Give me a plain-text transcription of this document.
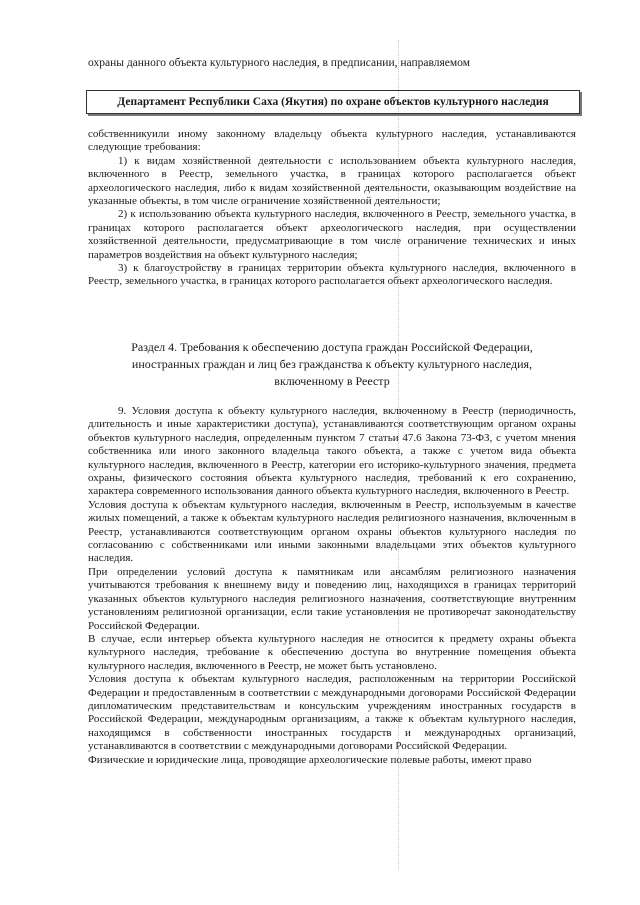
охраны данного объекта культурного наследия, в предписании, направляемом
Департамент Республики Саха (Якутия) по охране объектов культурного наследия

собственникуили иному законному владельцу объекта культурного наследия, устанавливаются следующие требования:

1) к видам хозяйственной деятельности с использованием объекта культурного наследия, включенного в Реестр, земельного участка, в границах которого располагается объект археологического наследия, либо к видам хозяйственной деятельности, оказывающим воздействие на указанные объекты, в том числе ограничение хозяйственной деятельности;

2) к использованию объекта культурного наследия, включенного в Реестр, земельного участка, в границах которого располагается объект археологического наследия, при осуществлении хозяйственной деятельности, предусматривающие в том числе ограничение технических и иных параметров воздействия на объект культурного наследия;

3) к благоустройству в границах территории объекта культурного наследия, включенного в Реестр, земельного участка, в границах которого располагается объект археологического наследия.

Раздел 4. Требования к обеспечению доступа граждан Российской Федерации,
иностранных граждан и лиц без гражданства к объекту культурного наследия,
включенному в Реестр

9. Условия доступа к объекту культурного наследия, включенному в Реестр (периодичность, длительность и иные характеристики доступа), устанавливаются соответствующим органом охраны объектов культурного наследия, определенным пунктом 7 статьи 47.6 Закона 73-ФЗ, с учетом мнения собственника или иного законного владельца такого объекта, а также с учетом вида объекта культурного наследия, включенного в Реестр, категории его историко-культурного значения, предмета охраны, физического состояния объекта культурного наследия, требований к его сохранению, характера современного использования данного объекта культурного наследия, включенного в Реестр.

Условия доступа к объектам культурного наследия, включенным в Реестр, используемым в качестве жилых помещений, а также к объектам культурного наследия религиозного назначения, включенным в Реестр, устанавливаются соответствующим органом охраны объектов культурного наследия по согласованию с собственниками или иными законными владельцами этих объектов культурного наследия.

При определении условий доступа к памятникам или ансамблям религиозного назначения учитываются требования к внешнему виду и поведению лиц, находящихся в границах территорий указанных объектов культурного наследия религиозного назначения, соответствующие внутренним установлениям религиозной организации, если такие установления не противоречат законодательству Российской Федерации.

В случае, если интерьер объекта культурного наследия не относится к предмету охраны объекта культурного наследия, требование к обеспечению доступа во внутренние помещения объекта культурного наследия, включенного в Реестр, не может быть установлено.

Условия доступа к объектам культурного наследия, расположенным на территории Российской Федерации и предоставленным в соответствии с международными договорами Российской Федерации дипломатическим представительствам и консульским учреждениям иностранных государств в Российской Федерации, международным организациям, а также к объектам культурного наследия, находящимся в собственности иностранных государств и международных организаций, устанавливаются в соответствии с международными договорами Российской Федерации.

Физические и юридические лица, проводящие археологические полевые работы, имеют право
